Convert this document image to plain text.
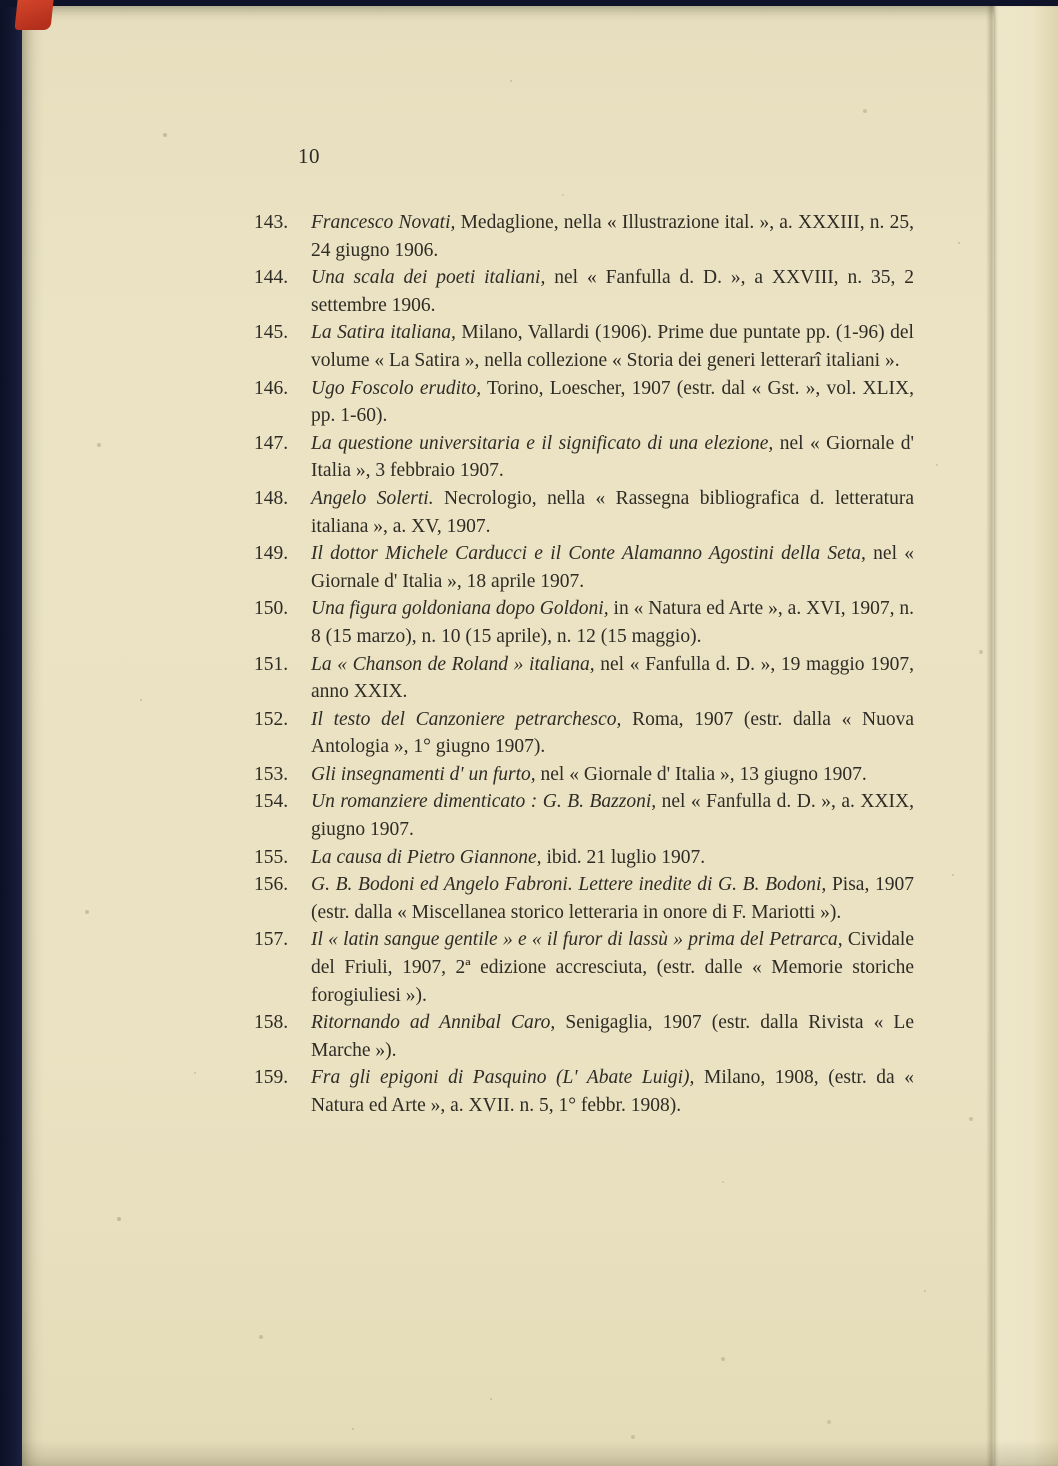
10

143. Francesco Novati, Medaglione, nella « Illustrazione ital. », a. XXXIII, n. 25, 24 giugno 1906.

144. Una scala dei poeti italiani, nel « Fanfulla d. D. », a XXVIII, n. 35, 2 settembre 1906.

145. La Satira italiana, Milano, Vallardi (1906). Prime due puntate pp. (1-96) del volume « La Satira », nella collezione « Storia dei generi letterarî italiani ».

146. Ugo Foscolo erudito, Torino, Loescher, 1907 (estr. dal « Gst. », vol. XLIX, pp. 1-60).

147. La questione universitaria e il significato di una elezione, nel « Giornale d' Italia », 3 febbraio 1907.

148. Angelo Solerti. Necrologio, nella « Rassegna bibliografica d. letteratura italiana », a. XV, 1907.

149. Il dottor Michele Carducci e il Conte Alamanno Agostini della Seta, nel « Giornale d' Italia », 18 aprile 1907.

150. Una figura goldoniana dopo Goldoni, in « Natura ed Arte », a. XVI, 1907, n. 8 (15 marzo), n. 10 (15 aprile), n. 12 (15 maggio).

151. La « Chanson de Roland » italiana, nel « Fanfulla d. D. », 19 maggio 1907, anno XXIX.

152. Il testo del Canzoniere petrarchesco, Roma, 1907 (estr. dalla « Nuova Antologia », 1° giugno 1907).

153. Gli insegnamenti d' un furto, nel « Giornale d' Italia », 13 giugno 1907.

154. Un romanziere dimenticato : G. B. Bazzoni, nel « Fanfulla d. D. », a. XXIX, giugno 1907.

155. La causa di Pietro Giannone, ibid. 21 luglio 1907.

156. G. B. Bodoni ed Angelo Fabroni. Lettere inedite di G. B. Bodoni, Pisa, 1907 (estr. dalla « Miscellanea storico letteraria in onore di F. Mariotti »).

157. Il « latin sangue gentile » e « il furor di lassù » prima del Petrarca, Cividale del Friuli, 1907, 2ª edizione accresciuta, (estr. dalle « Memorie storiche forogiuliesi »).

158. Ritornando ad Annibal Caro, Senigaglia, 1907 (estr. dalla Rivista « Le Marche »).

159. Fra gli epigoni di Pasquino (L' Abate Luigi), Milano, 1908, (estr. da « Natura ed Arte », a. XVII. n. 5, 1° febbr. 1908).
